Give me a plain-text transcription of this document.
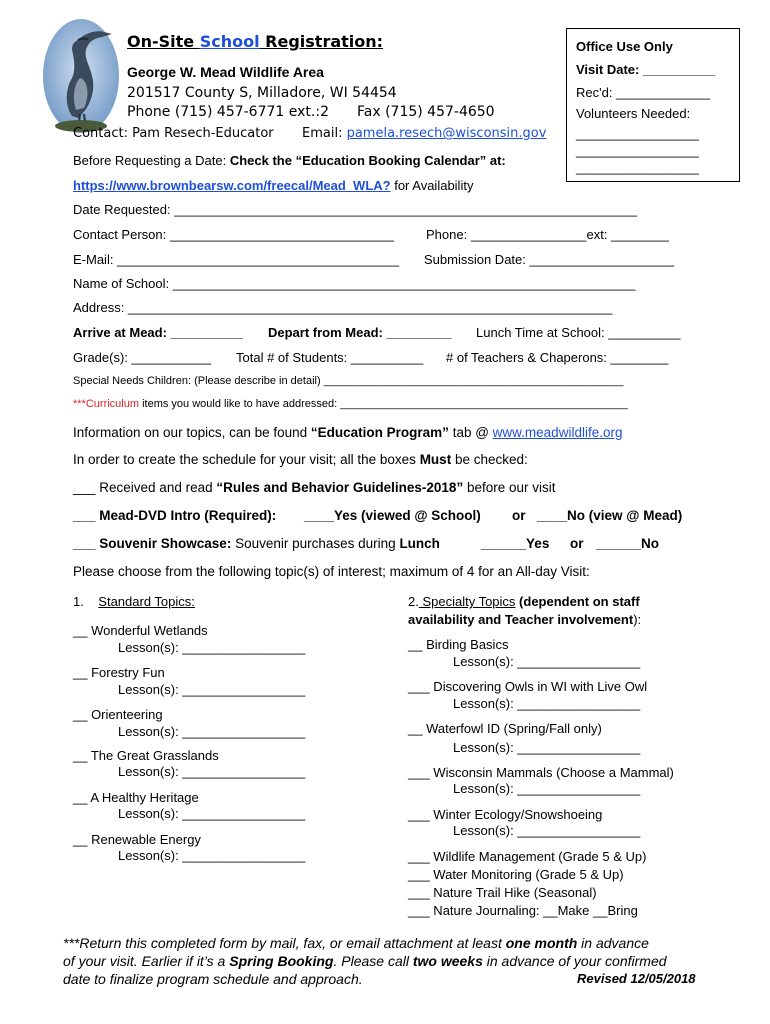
On-Site School Registration:
George W. Mead Wildlife Area
201517 County S, Milladore, WI 54454
Phone (715) 457-6771 ext.:2 Fax (715) 457-4650
Contact: Pam Resech-Educator Email: pamela.resech@wisconsin.gov
Office Use Only
Visit Date: __________
Rec'd: _____________
Volunteers Needed:
_________________
_________________
_________________
Before Requesting a Date: Check the “Education Booking Calendar” at:
https://www.brownbearsw.com/freecal/Mead_WLA? for Availability
Date Requested: ________________________________________________________________
Contact Person: _______________________________ Phone: ________________ext: ________
E-Mail: _______________________________________ Submission Date: ____________________
Name of School: ________________________________________________________________
Address: ___________________________________________________________________
Arrive at Mead: __________ Depart from Mead: _________ Lunch Time at School: __________
Grade(s): ___________ Total # of Students: __________ # of Teachers & Chaperons: ________
Special Needs Children: (Please describe in detail) _________________________________________________
***Curriculum items you would like to have addressed: _______________________________________________
Information on our topics, can be found “Education Program” tab @ www.meadwildlife.org
In order to create the schedule for your visit; all the boxes Must be checked:
___ Received and read “Rules and Behavior Guidelines-2018” before our visit
___ Mead-DVD Intro (Required): ____Yes (viewed @ School) or ____No (view @ Mead)
___ Souvenir Showcase: Souvenir purchases during Lunch	______Yes or ______No
Please choose from the following topic(s) of interest; maximum of 4 for an All-day Visit:
1. Standard Topics:
__ Wonderful Wetlands
Lesson(s): _________________
__ Forestry Fun
Lesson(s): _________________
__ Orienteering
Lesson(s): _________________
__ The Great Grasslands
Lesson(s): _________________
__ A Healthy Heritage
Lesson(s): _________________
__ Renewable Energy
Lesson(s): _________________
2. Specialty Topics (dependent on staff
availability and Teacher involvement):
__ Birding Basics
Lesson(s): _________________
___ Discovering Owls in WI with Live Owl
Lesson(s): _________________
__ Waterfowl ID (Spring/Fall only)
Lesson(s): _________________
___ Wisconsin Mammals (Choose a Mammal)
Lesson(s): _________________
___ Winter Ecology/Snowshoeing
Lesson(s): _________________
___ Wildlife Management (Grade 5 & Up)
___ Water Monitoring (Grade 5 & Up)
___ Nature Trail Hike (Seasonal)
___ Nature Journaling: __Make __Bring
***Return this completed form by mail, fax, or email attachment at least one month in advance
of your visit. Earlier if it’s a Spring Booking. Please call two weeks in advance of your confirmed
date to finalize program schedule and approach.	Revised 12/05/2018
